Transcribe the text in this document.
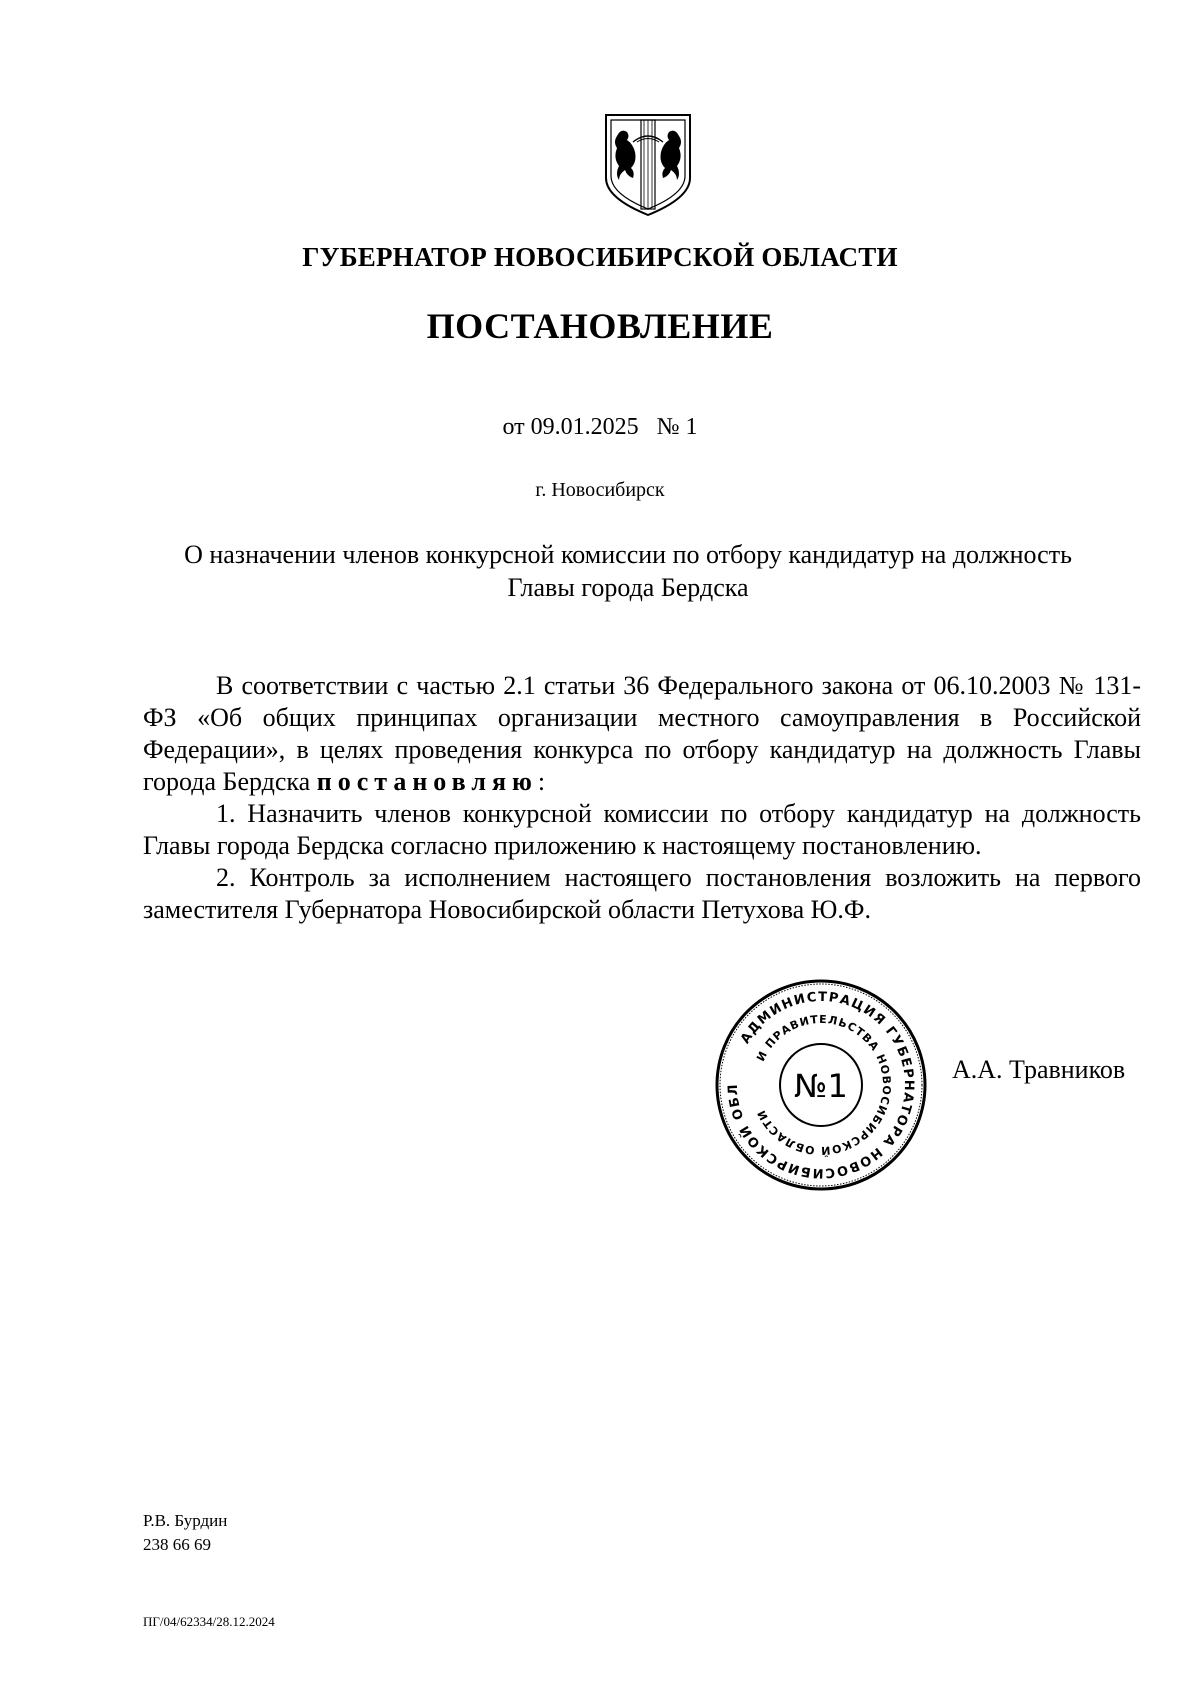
ГУБЕРНАТОР НОВОСИБИРСКОЙ ОБЛАСТИ
ПОСТАНОВЛЕНИЕ
от 09.01.2025 № 1
г. Новосибирск
О назначении членов конкурсной комиссии по отбору кандидатур на должность
Главы города Бердска

В соответствии с частью 2.1 статьи 36 Федерального закона от 06.10.2003 № 131-ФЗ «Об общих принципах организации местного самоуправления в Российской Федерации», в целях проведения конкурса по отбору кандидатур на должность Главы города Бердска постановляю:

1. Назначить членов конкурсной комиссии по отбору кандидатур на должность Главы города Бердска согласно приложению к настоящему постановлению.

2. Контроль за исполнением настоящего постановления возложить на первого заместителя Губернатора Новосибирской области Петухова Ю.Ф.

АДМИНИСТРАЦИЯ ГУБЕРНАТОРА НОВОСИБИРСКОЙ ОБЛ
И ПРАВИТЕЛЬСТВА НОВОСИБИРСКОЙ ОБЛАСТИ
№1	А.А. Травников
Р.В. Бурдин
238 66 69
ПГ/04/62334/28.12.2024
